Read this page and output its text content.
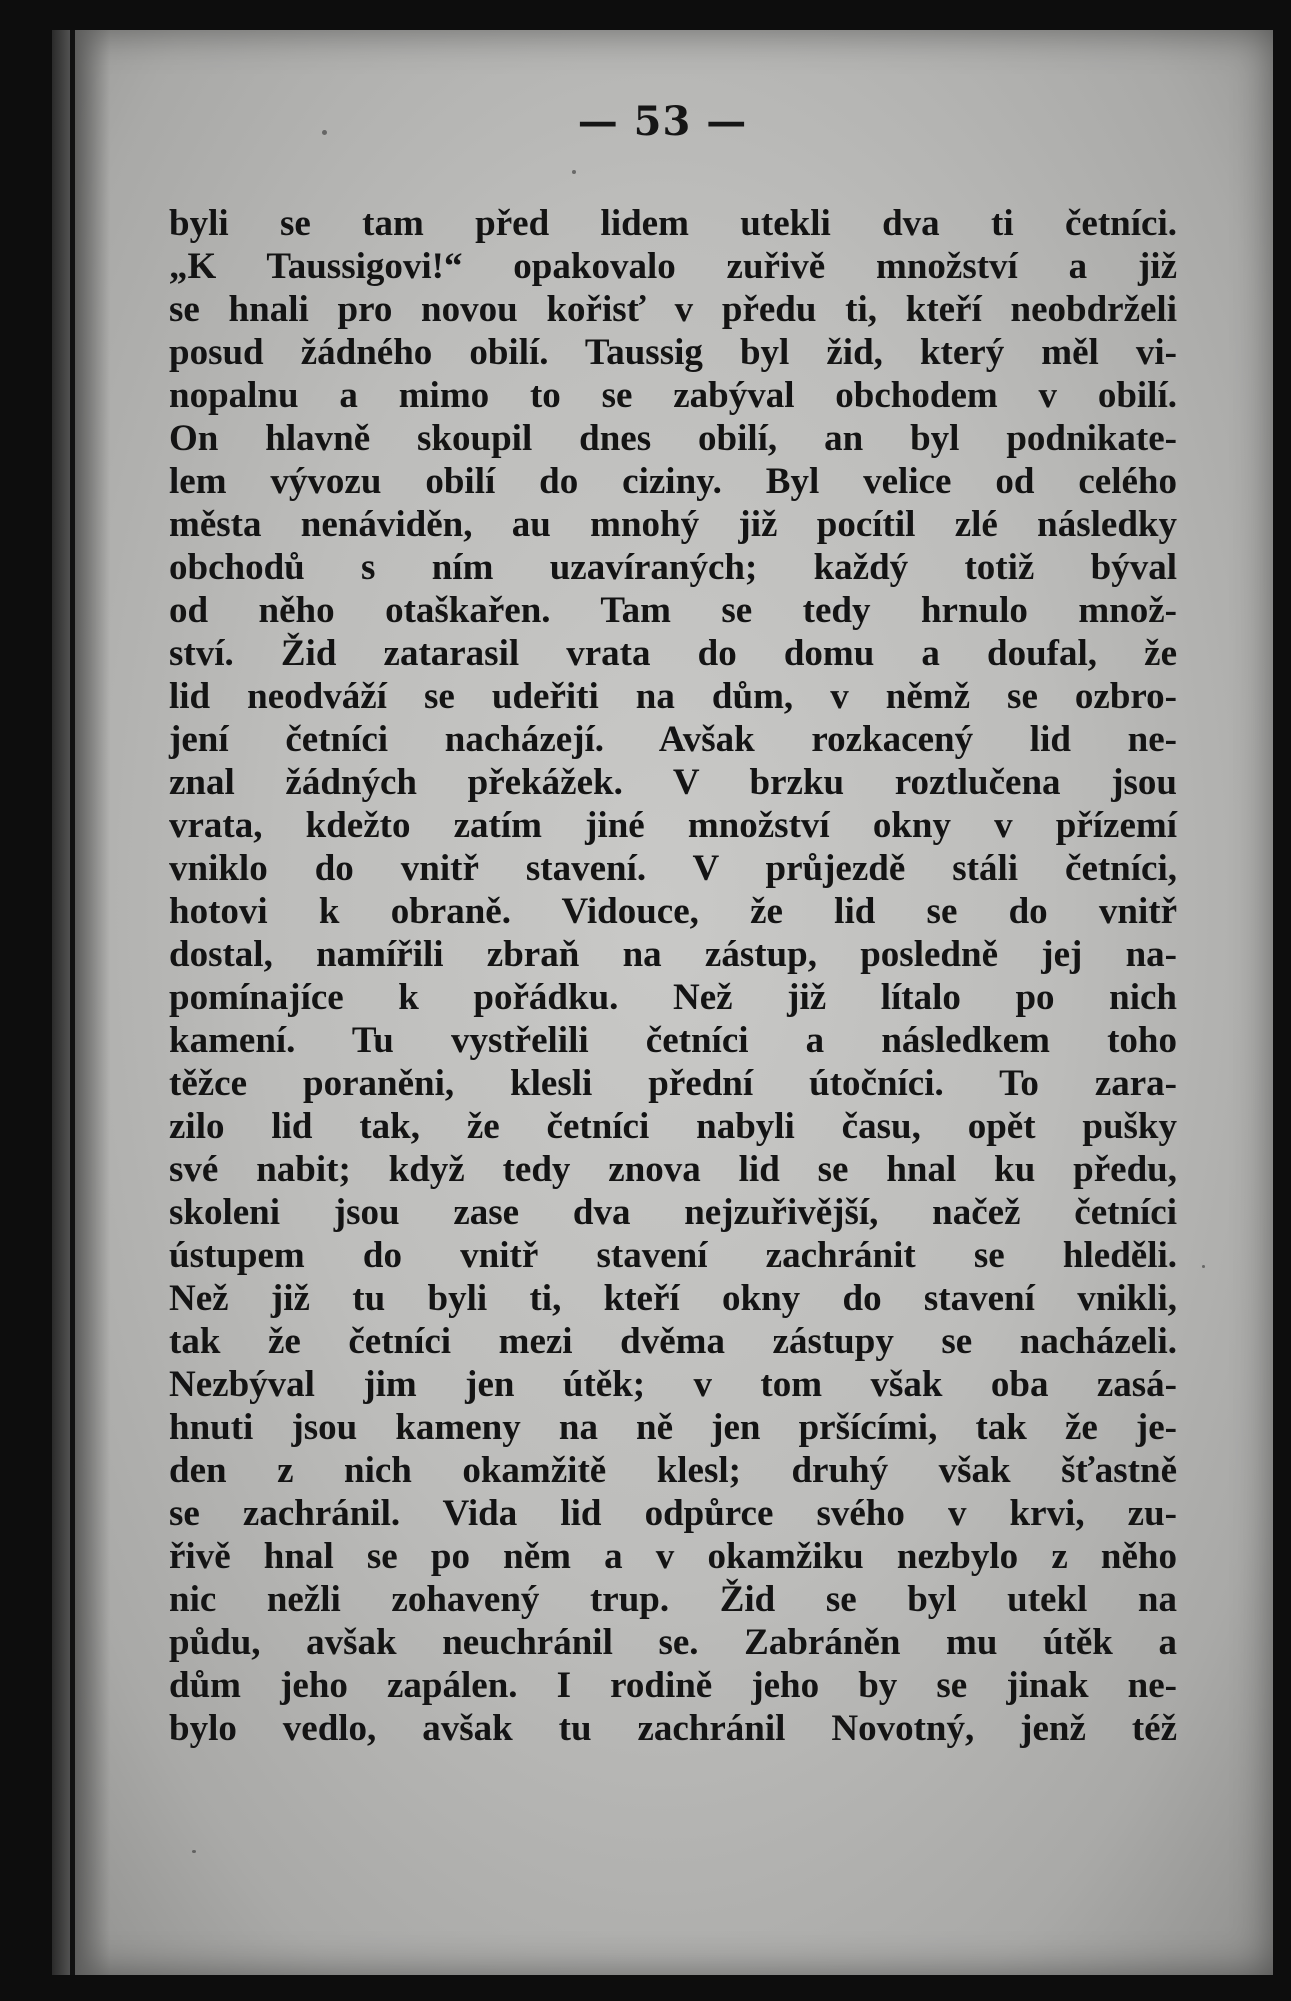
— 53 —
byli se tam před lidem utekli dva ti četníci.
„K Taussigovi!“ opakovalo zuřivě množství a již
se hnali pro novou kořisť v předu ti, kteří neobdrželi
posud žádného obilí. Taussig byl žid, který měl vi-
nopalnu a mimo to se zabýval obchodem v obilí.
On hlavně skoupil dnes obilí, an byl podnikate-
lem vývozu obilí do ciziny. Byl velice od celého
města nenáviděn, au mnohý již pocítil zlé následky
obchodů s ním uzavíraných; každý totiž býval
od něho otaškařen. Tam se tedy hrnulo množ-
ství. Žid zatarasil vrata do domu a doufal, že
lid neodváží se udeřiti na dům, v němž se ozbro-
jení četníci nacházejí. Avšak rozkacený lid ne-
znal žádných překážek. V brzku roztlučena jsou
vrata, kdežto zatím jiné množství okny v přízemí
vniklo do vnitř stavení. V průjezdě stáli četníci,
hotovi k obraně. Vidouce, že lid se do vnitř
dostal, namířili zbraň na zástup, posledně jej na-
pomínajíce k pořádku. Než již lítalo po nich
kamení. Tu vystřelili četníci a následkem toho
těžce poraněni, klesli přední útočníci. To zara-
zilo lid tak, že četníci nabyli času, opět pušky
své nabit; když tedy znova lid se hnal ku předu,
skoleni jsou zase dva nejzuřivější, načež četníci
ústupem do vnitř stavení zachránit se hleděli.
Než již tu byli ti, kteří okny do stavení vnikli,
tak že četníci mezi dvěma zástupy se nacházeli.
Nezbýval jim jen útěk; v tom však oba zasá-
hnuti jsou kameny na ně jen pršícími, tak že je-
den z nich okamžitě klesl; druhý však šťastně
se zachránil. Vida lid odpůrce svého v krvi, zu-
řivě hnal se po něm a v okamžiku nezbylo z něho
nic nežli zohavený trup. Žid se byl utekl na
půdu, avšak neuchránil se. Zabráněn mu útěk a
dům jeho zapálen. I rodině jeho by se jinak ne-
bylo vedlo, avšak tu zachránil Novotný, jenž též
